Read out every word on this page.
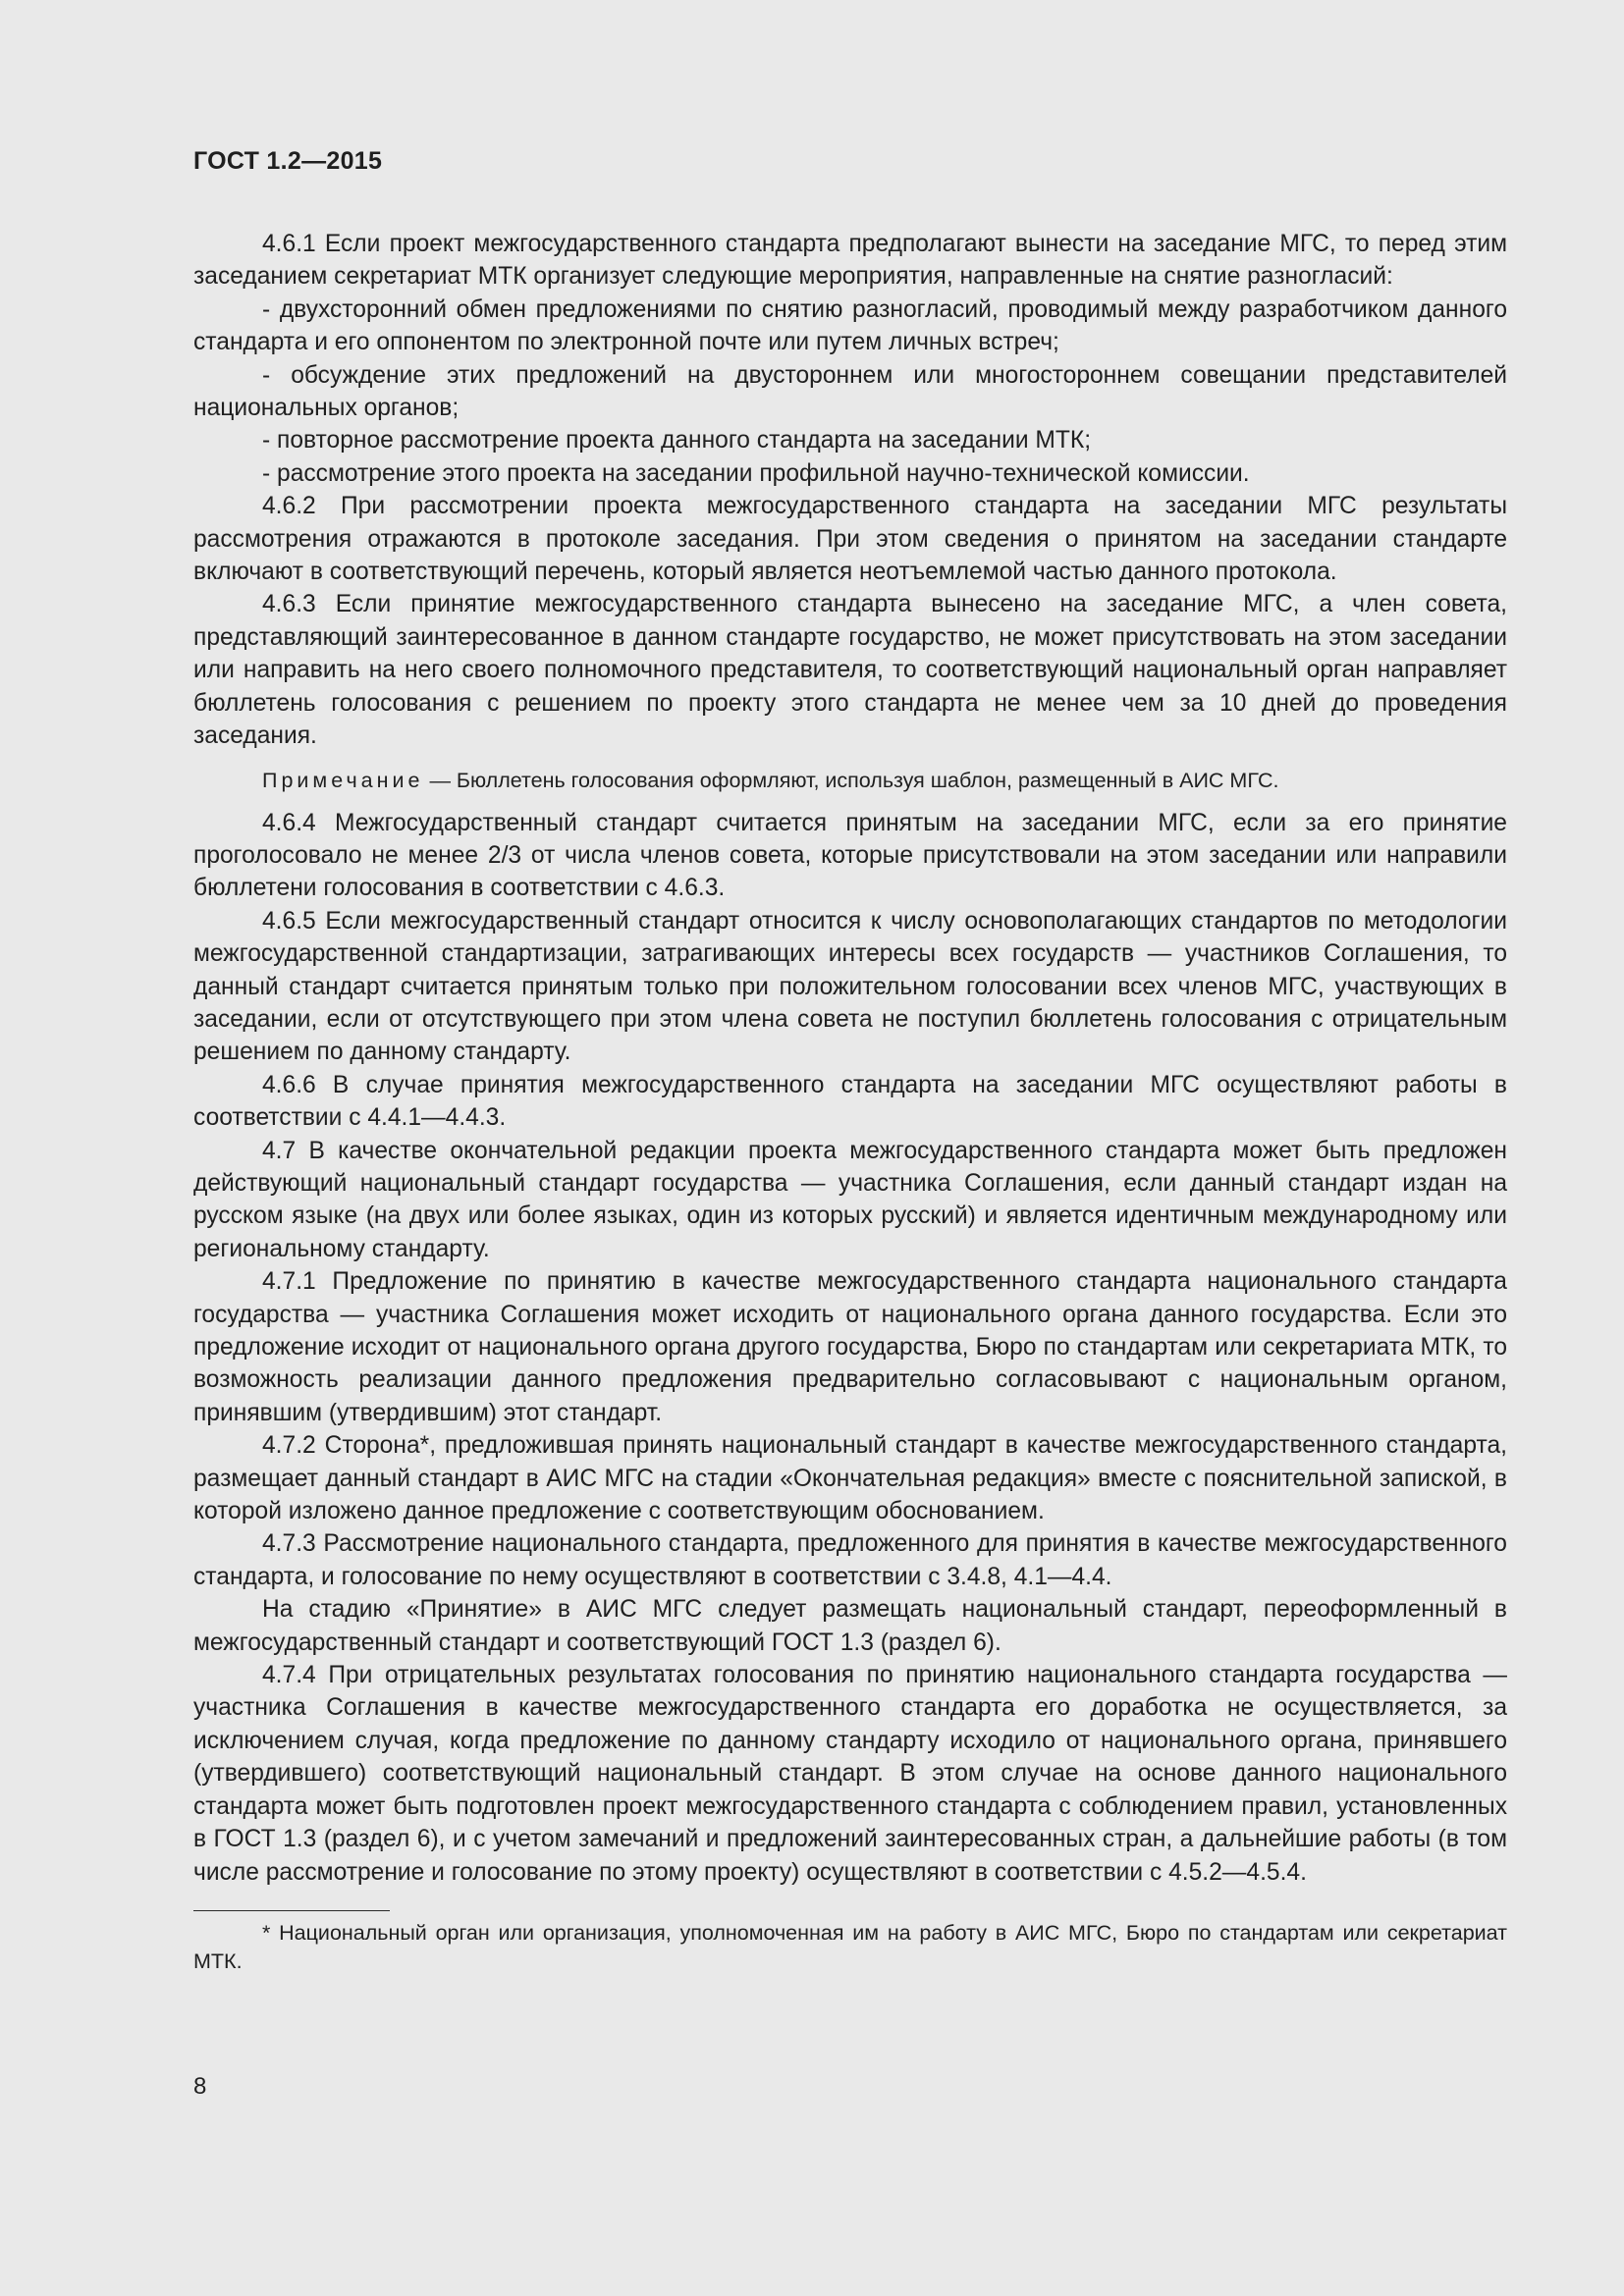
ГОСТ 1.2—2015

4.6.1 Если проект межгосударственного стандарта предполагают вынести на заседание МГС, то перед этим заседанием секретариат МТК организует следующие мероприятия, направленные на снятие разногласий:

- двухсторонний обмен предложениями по снятию разногласий, проводимый между разработчиком данного стандарта и его оппонентом по электронной почте или путем личных встреч;

- обсуждение этих предложений на двустороннем или многостороннем совещании представителей национальных органов;

- повторное рассмотрение проекта данного стандарта на заседании МТК;

- рассмотрение этого проекта на заседании профильной научно-технической комиссии.

4.6.2 При рассмотрении проекта межгосударственного стандарта на заседании МГС результаты рассмотрения отражаются в протоколе заседания. При этом сведения о принятом на заседании стандарте включают в соответствующий перечень, который является неотъемлемой частью данного протокола.

4.6.3 Если принятие межгосударственного стандарта вынесено на заседание МГС, а член совета, представляющий заинтересованное в данном стандарте государство, не может присутствовать на этом заседании или направить на него своего полномочного представителя, то соответствующий национальный орган направляет бюллетень голосования с решением по проекту этого стандарта не менее чем за 10 дней до проведения заседания.

Примечание — Бюллетень голосования оформляют, используя шаблон, размещенный в АИС МГС.

4.6.4 Межгосударственный стандарт считается принятым на заседании МГС, если за его принятие проголосовало не менее 2/3 от числа членов совета, которые присутствовали на этом заседании или направили бюллетени голосования в соответствии с 4.6.3.

4.6.5 Если межгосударственный стандарт относится к числу основополагающих стандартов по методологии межгосударственной стандартизации, затрагивающих интересы всех государств — участников Соглашения, то данный стандарт считается принятым только при положительном голосовании всех членов МГС, участвующих в заседании, если от отсутствующего при этом члена совета не поступил бюллетень голосования с отрицательным решением по данному стандарту.

4.6.6 В случае принятия межгосударственного стандарта на заседании МГС осуществляют работы в соответствии с 4.4.1—4.4.3.

4.7 В качестве окончательной редакции проекта межгосударственного стандарта может быть предложен действующий национальный стандарт государства — участника Соглашения, если данный стандарт издан на русском языке (на двух или более языках, один из которых русский) и является идентичным международному или региональному стандарту.

4.7.1 Предложение по принятию в качестве межгосударственного стандарта национального стандарта государства — участника Соглашения может исходить от национального органа данного государства. Если это предложение исходит от национального органа другого государства, Бюро по стандартам или секретариата МТК, то возможность реализации данного предложения предварительно согласовывают с национальным органом, принявшим (утвердившим) этот стандарт.

4.7.2 Сторона*, предложившая принять национальный стандарт в качестве межгосударственного стандарта, размещает данный стандарт в АИС МГС на стадии «Окончательная редакция» вместе с пояснительной запиской, в которой изложено данное предложение с соответствующим обоснованием.

4.7.3 Рассмотрение национального стандарта, предложенного для принятия в качестве межгосударственного стандарта, и голосование по нему осуществляют в соответствии с 3.4.8, 4.1—4.4.

На стадию «Принятие» в АИС МГС следует размещать национальный стандарт, переоформленный в межгосударственный стандарт и соответствующий ГОСТ 1.3 (раздел 6).

4.7.4 При отрицательных результатах голосования по принятию национального стандарта государства — участника Соглашения в качестве межгосударственного стандарта его доработка не осуществляется, за исключением случая, когда предложение по данному стандарту исходило от национального органа, принявшего (утвердившего) соответствующий национальный стандарт. В этом случае на основе данного национального стандарта может быть подготовлен проект межгосударственного стандарта с соблюдением правил, установленных в ГОСТ 1.3 (раздел 6), и с учетом замечаний и предложений заинтересованных стран, а дальнейшие работы (в том числе рассмотрение и голосование по этому проекту) осуществляют в соответствии с 4.5.2—4.5.4.

* Национальный орган или организация, уполномоченная им на работу в АИС МГС, Бюро по стандартам или секретариат МТК.

8
